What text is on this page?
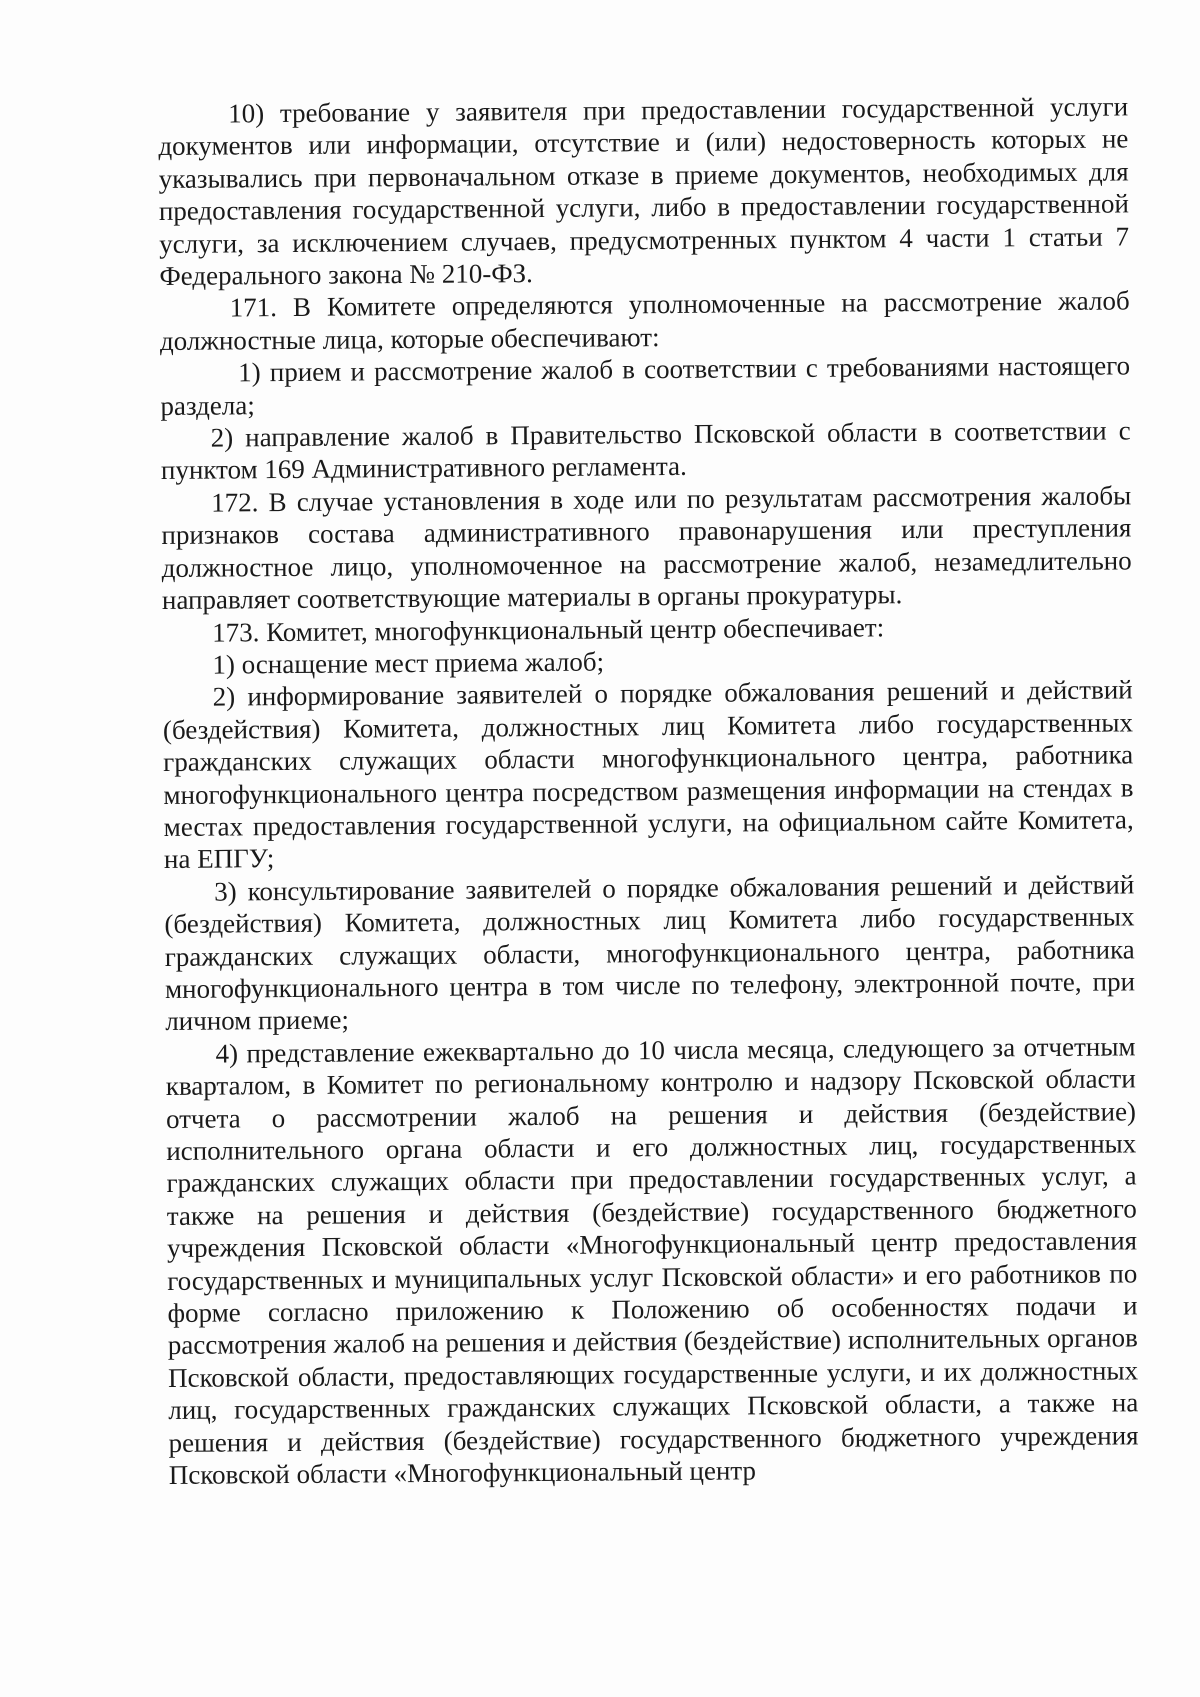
10) требование у заявителя при предоставлении государственной услуги документов или информации, отсутствие и (или) недостоверность которых не указывались при первоначальном отказе в приеме документов, необходимых для предоставления государственной услуги, либо в предоставлении государственной услуги, за исключением случаев, предусмотренных пунктом 4 части 1 статьи 7 Федерального закона № 210-ФЗ.

171. В Комитете определяются уполномоченные на рассмотрение жалоб должностные лица, которые обеспечивают:

1) прием и рассмотрение жалоб в соответствии с требованиями настоящего раздела;

2) направление жалоб в Правительство Псковской области в соответствии с пунктом 169 Административного регламента.

172. В случае установления в ходе или по результатам рассмотрения жалобы признаков состава административного правонарушения или преступления должностное лицо, уполномоченное на рассмотрение жалоб, незамедлительно направляет соответствующие материалы в органы прокуратуры.

173. Комитет, многофункциональный центр обеспечивает:

1) оснащение мест приема жалоб;

2) информирование заявителей о порядке обжалования решений и действий (бездействия) Комитета, должностных лиц Комитета либо государственных гражданских служащих области многофункционального центра, работника многофункционального центра посредством размещения информации на стендах в местах предоставления государственной услуги, на официальном сайте Комитета, на ЕПГУ;

3) консультирование заявителей о порядке обжалования решений и действий (бездействия) Комитета, должностных лиц Комитета либо государственных гражданских служащих области, многофункционального центра, работника многофункционального центра в том числе по телефону, электронной почте, при личном приеме;

4) представление ежеквартально до 10 числа месяца, следующего за отчетным кварталом, в Комитет по региональному контролю и надзору Псковской области отчета о рассмотрении жалоб на решения и действия (бездействие) исполнительного органа области и его должностных лиц, государственных гражданских служащих области при предоставлении государственных услуг, а также на решения и действия (бездействие) государственного бюджетного учреждения Псковской области «Многофункциональный центр предоставления государственных и муниципальных услуг Псковской области» и его работников по форме согласно приложению к Положению об особенностях подачи и рассмотрения жалоб на решения и действия (бездействие) исполнительных органов Псковской области, предоставляющих государственные услуги, и их должностных лиц, государственных гражданских служащих Псковской области, а также на решения и действия (бездействие) государственного бюджетного учреждения Псковской области «Многофункциональный центр
